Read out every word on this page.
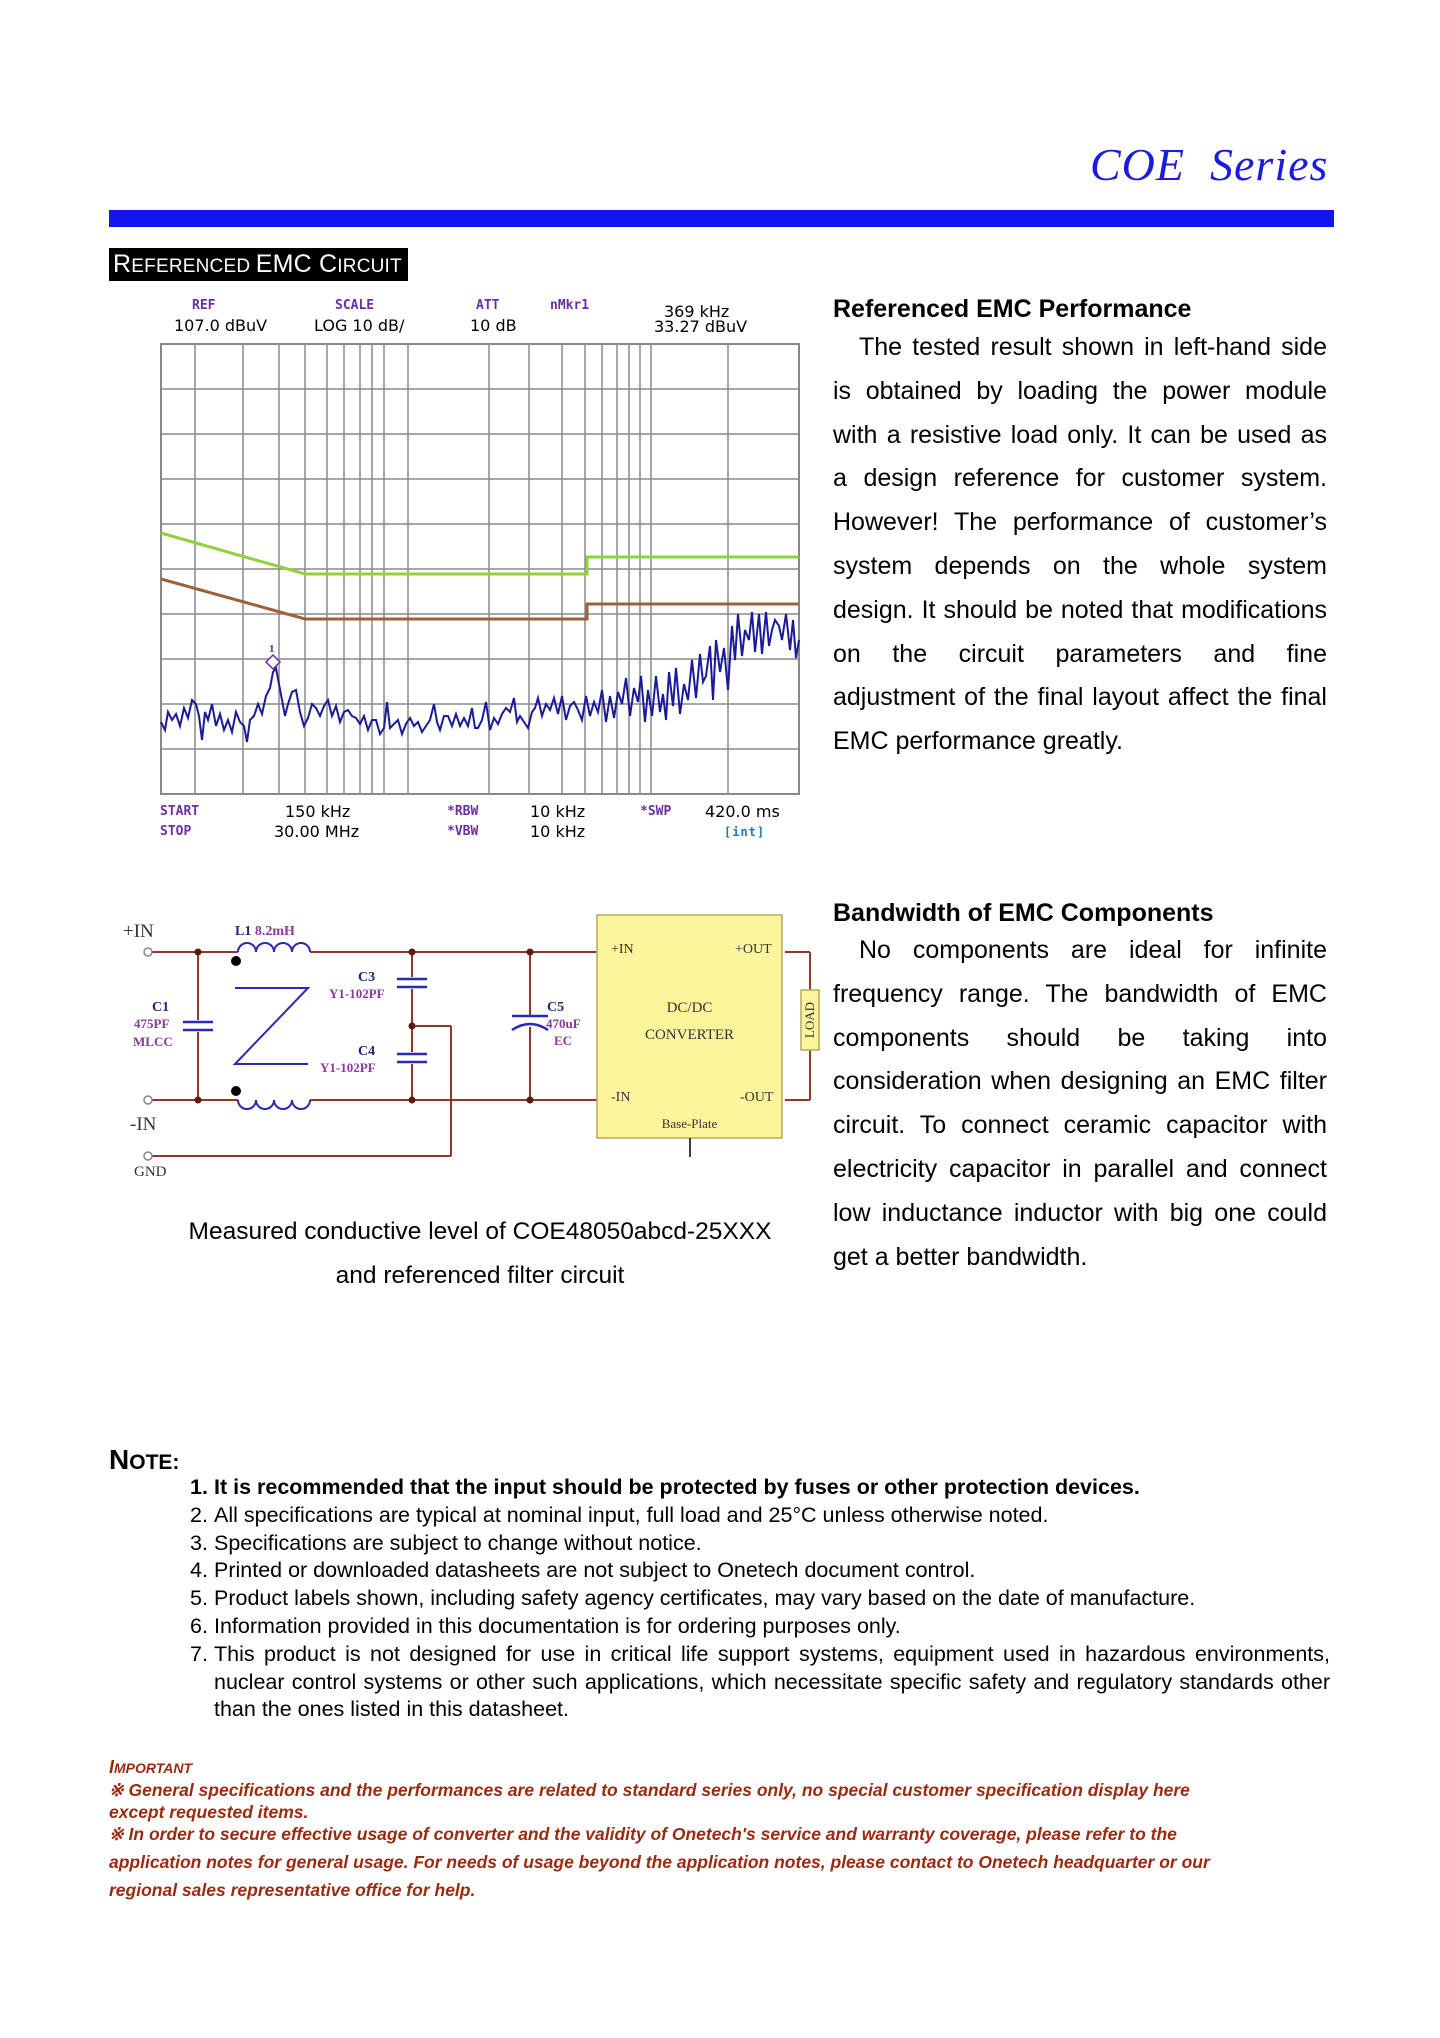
COE  Series
REFERENCED EMC CIRCUIT
REF
107.0 dBuV
SCALE
LOG 10 dB/
ATT
10 dB
nMkr1	369 kHz
33.27 dBuV
1
START	150 kHz
STOP	30.00 MHz
*RBW	10 kHz
*VBW	10 kHz
*SWP 420.0 ms
[int]
Referenced EMC Performance

The tested result shown in left-hand side is obtained by loading the power module with a resistive load only. It can be used as a design reference for customer system. However! The performance of customer’s system depends on the whole system design. It should be noted that modifications on the circuit parameters and fine adjustment of the final layout affect the final EMC performance greatly.

+IN
-IN
GND
L1 8.2mH
C1
475PF
MLCC
C3
Y1-102PF
C4
Y1-102PF
C5
470uF
EC
+IN	+OUT
-IN	-OUT
DC/DC
CONVERTER
Base-Plate
LOAD
Measured conductive level of COE48050abcd-25XXX
and referenced filter circuit
Bandwidth of EMC Components

No components are ideal for infinite frequency range. The bandwidth of EMC components should be taking into consideration when designing an EMC filter circuit. To connect ceramic capacitor with electricity capacitor in parallel and connect low inductance inductor with big one could get a better bandwidth.

NOTE:
1. It is recommended that the input should be protected by fuses or other protection devices.
2. All specifications are typical at nominal input, full load and 25°C unless otherwise noted.
3. Specifications are subject to change without notice.
4. Printed or downloaded datasheets are not subject to Onetech document control.
5. Product labels shown, including safety agency certificates, may vary based on the date of manufacture.
6. Information provided in this documentation is for ordering purposes only.
7. This product is not designed for use in critical life support systems, equipment used in hazardous environments, nuclear control systems or other such applications, which necessitate specific safety and regulatory standards other than the ones listed in this datasheet.
IMPORTANT
※ General specifications and the performances are related to standard series only, no special customer specification display here
except requested items.
※ In order to secure effective usage of converter and the validity of Onetech's service and warranty coverage, please refer to the
application notes for general usage. For needs of usage beyond the application notes, please contact to Onetech headquarter or our
regional sales representative office for help.
